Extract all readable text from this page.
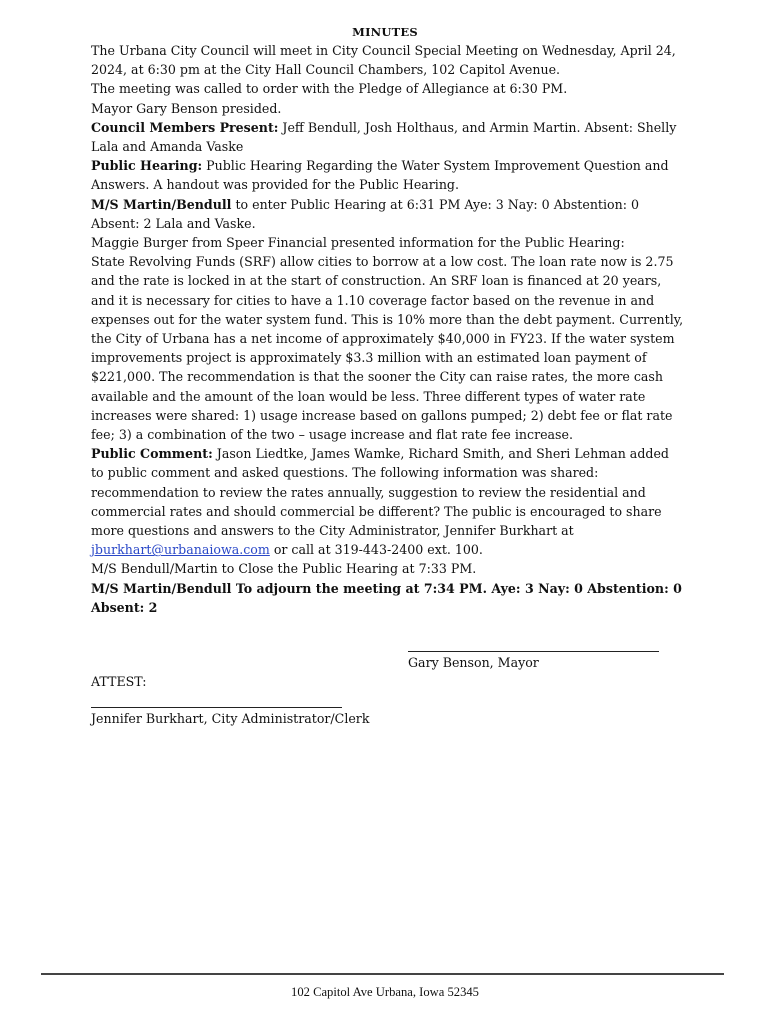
MINUTES

The Urbana City Council will meet in City Council Special Meeting on Wednesday, April 24, 2024, at 6:30 pm at the City Hall Council Chambers, 102 Capitol Avenue.

The meeting was called to order with the Pledge of Allegiance at 6:30 PM.

Mayor Gary Benson presided.

Council Members Present: Jeff Bendull, Josh Holthaus, and Armin Martin. Absent: Shelly Lala and Amanda Vaske

Public Hearing: Public Hearing Regarding the Water System Improvement Question and Answers. A handout was provided for the Public Hearing.

M/S Martin/Bendull to enter Public Hearing at 6:31 PM Aye: 3 Nay: 0 Abstention: 0 Absent: 2 Lala and Vaske.

Maggie Burger from Speer Financial presented information for the Public Hearing:

State Revolving Funds (SRF) allow cities to borrow at a low cost. The loan rate now is 2.75 and the rate is locked in at the start of construction. An SRF loan is financed at 20 years, and it is necessary for cities to have a 1.10 coverage factor based on the revenue in and expenses out for the water system fund. This is 10% more than the debt payment. Currently, the City of Urbana has a net income of approximately $40,000 in FY23. If the water system improvements project is approximately $3.3 million with an estimated loan payment of $221,000. The recommendation is that the sooner the City can raise rates, the more cash available and the amount of the loan would be less. Three different types of water rate increases were shared: 1) usage increase based on gallons pumped; 2) debt fee or flat rate fee; 3) a combination of the two – usage increase and flat rate fee increase.

Public Comment: Jason Liedtke, James Wamke, Richard Smith, and Sheri Lehman added to public comment and asked questions. The following information was shared: recommendation to review the rates annually, suggestion to review the residential and commercial rates and should commercial be different? The public is encouraged to share more questions and answers to the City Administrator, Jennifer Burkhart at jburkhart@urbanaiowa.com or call at 319-443-2400 ext. 100.

M/S Bendull/Martin to Close the Public Hearing at 7:33 PM.

M/S Martin/Bendull To adjourn the meeting at 7:34 PM. Aye: 3 Nay: 0 Abstention: 0 Absent: 2

Gary Benson, Mayor
ATTEST:
Jennifer Burkhart, City Administrator/Clerk
102 Capitol Ave Urbana, Iowa 52345
